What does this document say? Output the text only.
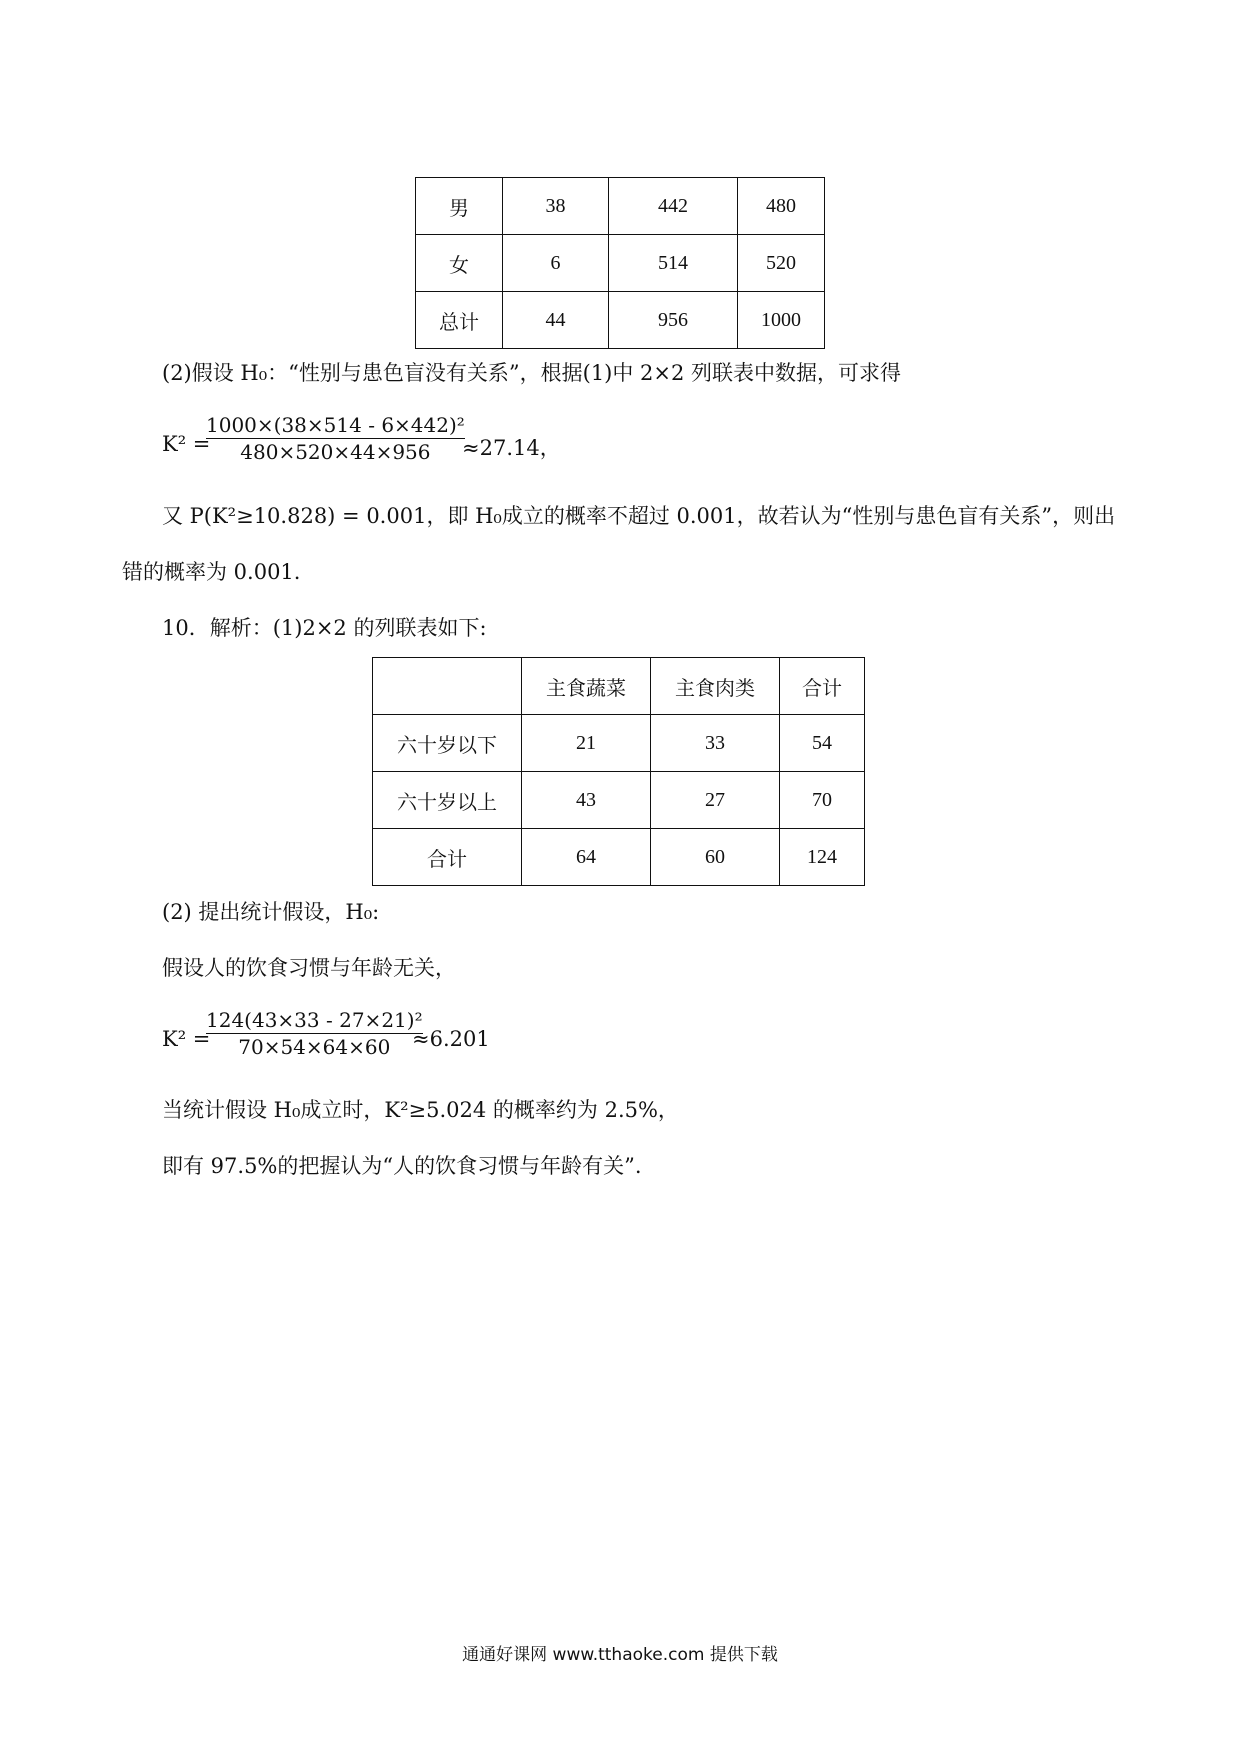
男	38	442	480
女	6	514	520
总计	44	956	1000
(2)假设 H₀：“性别与患色盲没有关系”，根据(1)中 2×2 列联表中数据，可求得
K² =
1000×(38×514 - 6×442)²
480×520×44×956	≈27.14，
又 P(K²≥10.828) = 0.001，即 H₀成立的概率不超过 0.001，故若认为“性别与患色盲有关系”，则出
错的概率为 0.001.
10．解析：(1)2×2 的列联表如下:
	主食蔬菜	主食肉类	合计
六十岁以下	21	33	54
六十岁以上	43	27	70
合计	64	60	124
(2) 提出统计假设，H₀:
假设人的饮食习惯与年龄无关，
K² =
124(43×33 - 27×21)²
70×54×64×60	≈6.201
当统计假设 H₀成立时，K²≥5.024 的概率约为 2.5%，
即有 97.5%的把握认为“人的饮食习惯与年龄有关”.
通通好课网 www.tthaoke.com 提供下载
